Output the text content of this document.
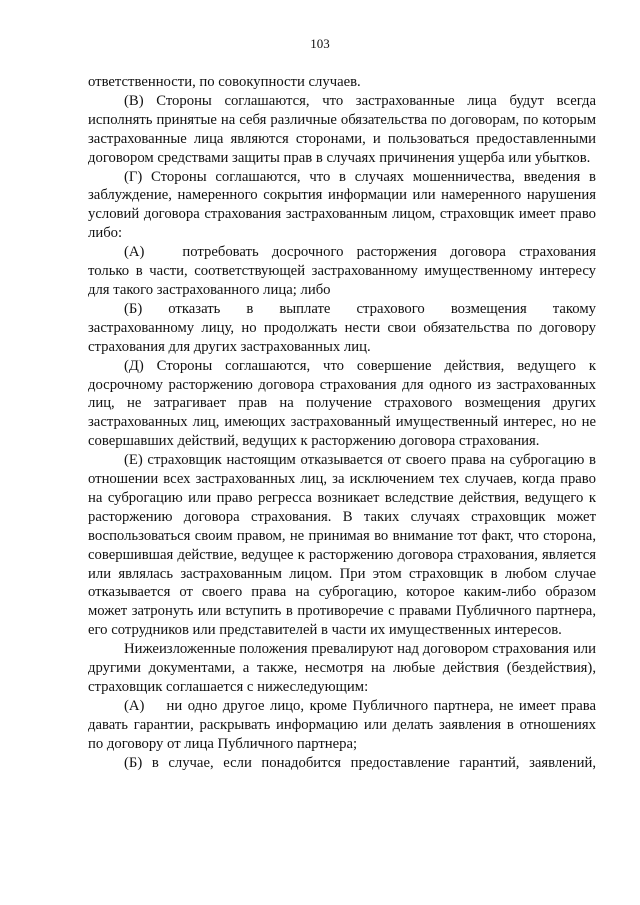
103

ответственности, по совокупности случаев.

(В) Стороны соглашаются, что застрахованные лица будут всегда исполнять принятые на себя различные обязательства по договорам, по которым застрахованные лица являются сторонами, и пользоваться предоставленными договором средствами защиты прав в случаях причинения ущерба или убытков.

(Г) Стороны соглашаются, что в случаях мошенничества, введения в заблуждение, намеренного сокрытия информации или намеренного нарушения условий договора страхования застрахованным лицом, страховщик имеет право либо:

(А)	потребовать досрочного расторжения договора страхования

только в части, соответствующей застрахованному имущественному интересу для такого застрахованного лица; либо

(Б) отказать в выплате страхового возмещения такому

застрахованному лицу, но продолжать нести свои обязательства по договору страхования для других застрахованных лиц.

(Д) Стороны соглашаются, что совершение действия, ведущего к досрочному расторжению договора страхования для одного из застрахованных лиц, не затрагивает прав на получение страхового возмещения других застрахованных лиц, имеющих застрахованный имущественный интерес, но не совершавших действий, ведущих к расторжению договора страхования.

(Е) страховщик настоящим отказывается от своего права на суброгацию в отношении всех застрахованных лиц, за исключением тех случаев, когда право на суброгацию или право регресса возникает вследствие действия, ведущего к расторжению договора страхования. В таких случаях страховщик может воспользоваться своим правом, не принимая во внимание тот факт, что сторона, совершившая действие, ведущее к расторжению договора страхования, является или являлась застрахованным лицом. При этом страховщик в любом случае отказывается от своего права на суброгацию, которое каким-либо образом может затронуть или вступить в противоречие с правами Публичного партнера, его сотрудников или представителей в части их имущественных интересов.

Нижеизложенные положения превалируют над договором страхования или другими документами, а также, несмотря на любые действия (бездействия), страховщик соглашается с нижеследующим:

(А)    ни одно другое лицо, кроме Публичного партнера, не имеет права давать гарантии, раскрывать информацию или делать заявления в отношениях по договору от лица Публичного партнера;

(Б) в случае, если понадобится предоставление гарантий, заявлений,
